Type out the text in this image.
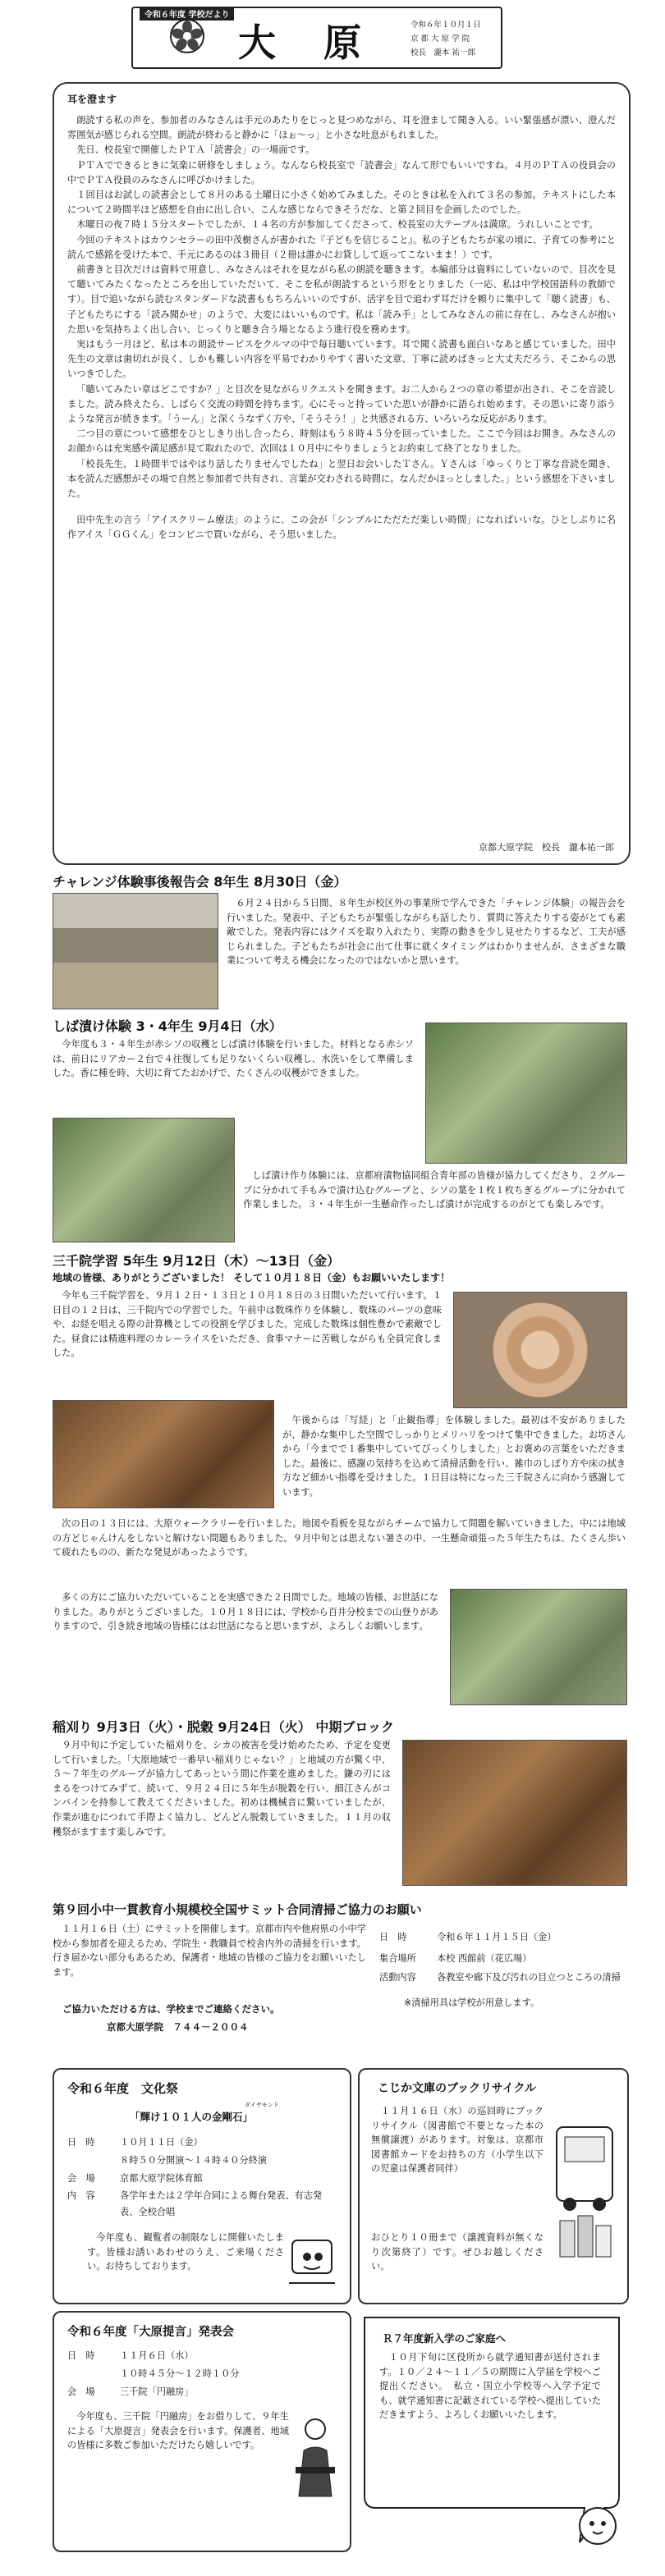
令和６年度 学校だより
大　原	令和６年１０月１日
京 都 大 原 学 院
校長　瀧本 祐一郎
耳を澄ます

朗読する私の声を、参加者のみなさんは手元のあたりをじっと見つめながら、耳を澄まして聞き入る。いい緊張感が漂い、澄んだ雰囲気が感じられる空間。朗読が終わると静かに「ほぉ～っ」と小さな吐息がもれました。

先日、校長室で開催したＰＴＡ「読書会」の一場面です。

ＰＴＡでできるときに気楽に研修をしましょう。なんなら校長室で「読書会」なんて形でもいいですね。４月のＰＴＡの役員会の中でＰＴＡ役員のみなさんに呼びかけました。

１回目はお試しの読書会として８月のある土曜日に小さく始めてみました。そのときは私を入れて３名の参加。テキストにした本について２時間半ほど感想を自由に出し合い、こんな感じならできそうだな、と第２回目を企画したのでした。

木曜日の夜７時１５分スタートでしたが、１４名の方が参加してくださって、校長室の大テーブルは満席。うれしいことです。

今回のテキストはカウンセラーの田中茂樹さんが書かれた『子どもを信じること』。私の子どもたちが家の頃に、子育ての参考にと読んで感銘を受けた本で、手元にあるのは３冊目（２冊は誰かにお貸しして返ってこないまま！）です。

前書きと目次だけは資料で用意し、みなさんはそれを見ながら私の朗読を聴きます。本編部分は資料にしていないので、目次を見て聴いてみたくなったところを出していただいて、そこを私が朗読するという形をとりました（一応、私は中学校国語科の教師です）。目で追いながら読むスタンダードな読書ももちろんいいのですが、活字を目で追わず耳だけを頼りに集中して「聴く読書」も、子どもたちにする「読み聞かせ」のようで、大変にはいいものです。私は「読み手」としてみなさんの前に存在し、みなさんが抱いた思いを気持ちよく出し合い、じっくりと聴き合う場となるよう進行役を務めます。

実はもう一月ほど、私は本の朗読サービスをクルマの中で毎日聴いています。耳で聞く読書も面白いなあと感じていました。田中先生の文章は歯切れが良く、しかも難しい内容を平易でわかりやすく書いた文章、丁寧に読めばきっと大丈夫だろう、そこからの思いつきでした。

「聴いてみたい章はどこですか？」と目次を見ながらリクエストを聞きます。お二人から２つの章の希望が出され、そこを音読しました。読み終えたら、しばらく交流の時間を持ちます。心にそっと持っていた思いが静かに語られ始めます。その思いに寄り添うような発言が続きます。「うーん」と深くうなずく方や、「そうそう！」と共感される方、いろいろな反応があります。

二つ目の章について感想をひとしきり出し合ったら、時刻はもう８時４５分を回っていました。ここで今回はお開き。みなさんのお顔からは充実感や満足感が見て取れたので、次回は１０月中にやりましょうとお約束して終了となりました。

「校長先生、１時間半ではやはり話したりませんでしたね」と翌日お会いしたＴさん。Ｙさんは「ゆっくりと丁寧な音読を聞き、本を読んだ感想がその場で自然と参加者で共有され、言葉が交わされる時間に。なんだかほっとしました。」という感想を下さいました。

田中先生の言う「アイスクリーム療法」のように、この会が「シンプルにただただ楽しい時間」になればいいな。ひとしぶりに名作アイス「ＧＧくん」をコンビニで買いながら、そう思いました。

京都大原学院　校長　瀧本祐一郎
チャレンジ体験事後報告会 8年生 8月30日（金）

　６月２４日から５日間、８年生が校区外の事業所で学んできた「チャレンジ体験」の報告会を行いました。発表中、子どもたちが緊張しながらも話したり、質問に答えたりする姿がとても素敵でした。発表内容にはクイズを取り入れたり、実際の動きを少し見せたりするなど、工夫が感じられました。子どもたちが社会に出て仕事に就くタイミングはわかりませんが、さまざまな職業について考える機会になったのではないかと思います。

しば漬け体験 3・4年生 9月4日（水）

　今年度も３・４年生が赤シソの収穫としば漬け体験を行いました。材料となる赤シソは、前日にリアカー２台で４往復しても足りないくらい収穫し、水洗いをして準備しました。香に種を時、大切に育てたおかげで、たくさんの収穫ができました。

　しば漬け作り体験には、京都府漬物協同組合青年部の皆様が協力してくださり、２グループに分かれて手もみで漬け込むグループと、シソの葉を１枚１枚ちぎるグループに分かれて作業しました。３・４年生が一生懸命作ったしば漬けが完成するのがとても楽しみです。

三千院学習 5年生 9月12日（木）～13日（金）
地域の皆様、ありがとうございました！ そして１０月１８日（金）もお願いいたします！

　今年も三千院学習を、９月１２日・１３日と１０月１８日の３日間いただいて行います。１日目の１２日は、三千院内での学習でした。午前中は数珠作りを体験し、数珠のパーツの意味や、お経を唱える際の計算機としての役割を学びました。完成した数珠は個性豊かで素敵でした。昼食には精進料理のカレーライスをいただき、食事マナーに苦戦しながらも全員完食しました。

　午後からは「写経」と「止観指導」を体験しました。最初は不安がありましたが、静かな集中した空間でしっかりとメリハリをつけて集中できました。お坊さんから「今までで１番集中していてびっくりしました」とお褒めの言葉をいただきました。最後に、感謝の気持ちを込めて清掃活動を行い、雑巾のしぼり方や床の拭き方など細かい指導を受けました。１日目は特になった三千院さんに向かう感謝しています。

　次の日の１３日には、大原ウォークラリーを行いました。地図や看板を見ながらチームで協力して問題を解いていきました。中には地域の方どじゃんけんをしないと解けない問題もありました。９月中旬とは思えない暑さの中、一生懸命頑張った５年生たちは、たくさん歩いて疲れたものの、新たな発見があったようです。

　多くの方にご協力いただいていることを実感できた２日間でした。地域の皆様、お世話になりました。ありがとうございました。１０月１８日には、学校から百井分校までの山登りがありますので、引き続き地域の皆様にはお世話になると思いますが、よろしくお願いします。

稲刈り 9月3日（火）・脱穀 9月24日（火） 中期ブロック

　９月中旬に予定していた稲刈りを、シカの被害を受け始めたため、予定を変更して行いました。「大原地域で一番早い稲刈りじゃない？」と地域の方が驚く中、５～７年生のグループが協力してあっという間に作業を進めました。鎌の刃にはまるをつけてみずて、続いて、９月２４日に５年生が脱穀を行い、細江さんがコンバインを持参して教えてくださいました。初めは機械音に驚いていましたが、作業が進むにつれて手際よく協力し、どんどん脱穀していきました。１１月の収穫祭がますます楽しみです。

第９回小中一貫教育小規模校全国サミット合同清掃ご協力のお願い

　１１月１６日（土）にサミットを開催します。京都市内や他府県の小中学校から参加者を迎えるため、学院生・教職員で校舎内外の清掃を行います。行き届かない部分もあるため、保護者・地域の皆様のご協力をお願いいたします。

ご協力いただける方は、学校までご連絡ください。
京都大原学院　７４４－２００４
日　時	令和６年１１月１５日（金）
集合場所	本校 西館前（花広場）
活動内容	各教室や廊下及び汚れの目立つところの清掃
※清掃用具は学校が用意します。
令和６年度　文化祭
ダイヤモンド
「輝け１０１人の金剛石」
日　時	１０月１１日（金）
８時５０分開演～１４時４０分終演
会　場	京都大原学院体育館
内　容	各学年または２学年合同による舞台発表、有志発表、全校合唱

今年度も、観覧者の制限なしに開催いたします。皆様お誘いあわせのうえ、ご来場ください。お待ちしております。

こじか文庫のブックリサイクル

　１１月１６日（水）の巡回時にブックリサイクル（図書館で不要となった本の無償譲渡）があります。対象は、京都市図書館カードをお持ちの方（小学生以下の児童は保護者同伴）

おひとり１０冊まで（譲渡資料が無くなり次第終了）です。ぜひお越しください。

令和６年度「大原提言」発表会
日　時	１１月６日（水）
１０時４５分～１２時１０分
会　場	三千院「円融房」

今年度も、三千院「円融房」をお借りして、９年生による「大原提言」発表会を行います。保護者、地域の皆様に多数ご参加いただけたら嬉しいです。

Ｒ７年度新入学のご家庭へ

　１０月下旬に区役所から就学通知書が送付されます。１０／２４～１１／５の期間に入学届を学校へご提出ください。　私立・国立小学校等へ入学予定でも、就学通知書に記載されている学校へ提出していただきますよう、よろしくお願いいたします。
